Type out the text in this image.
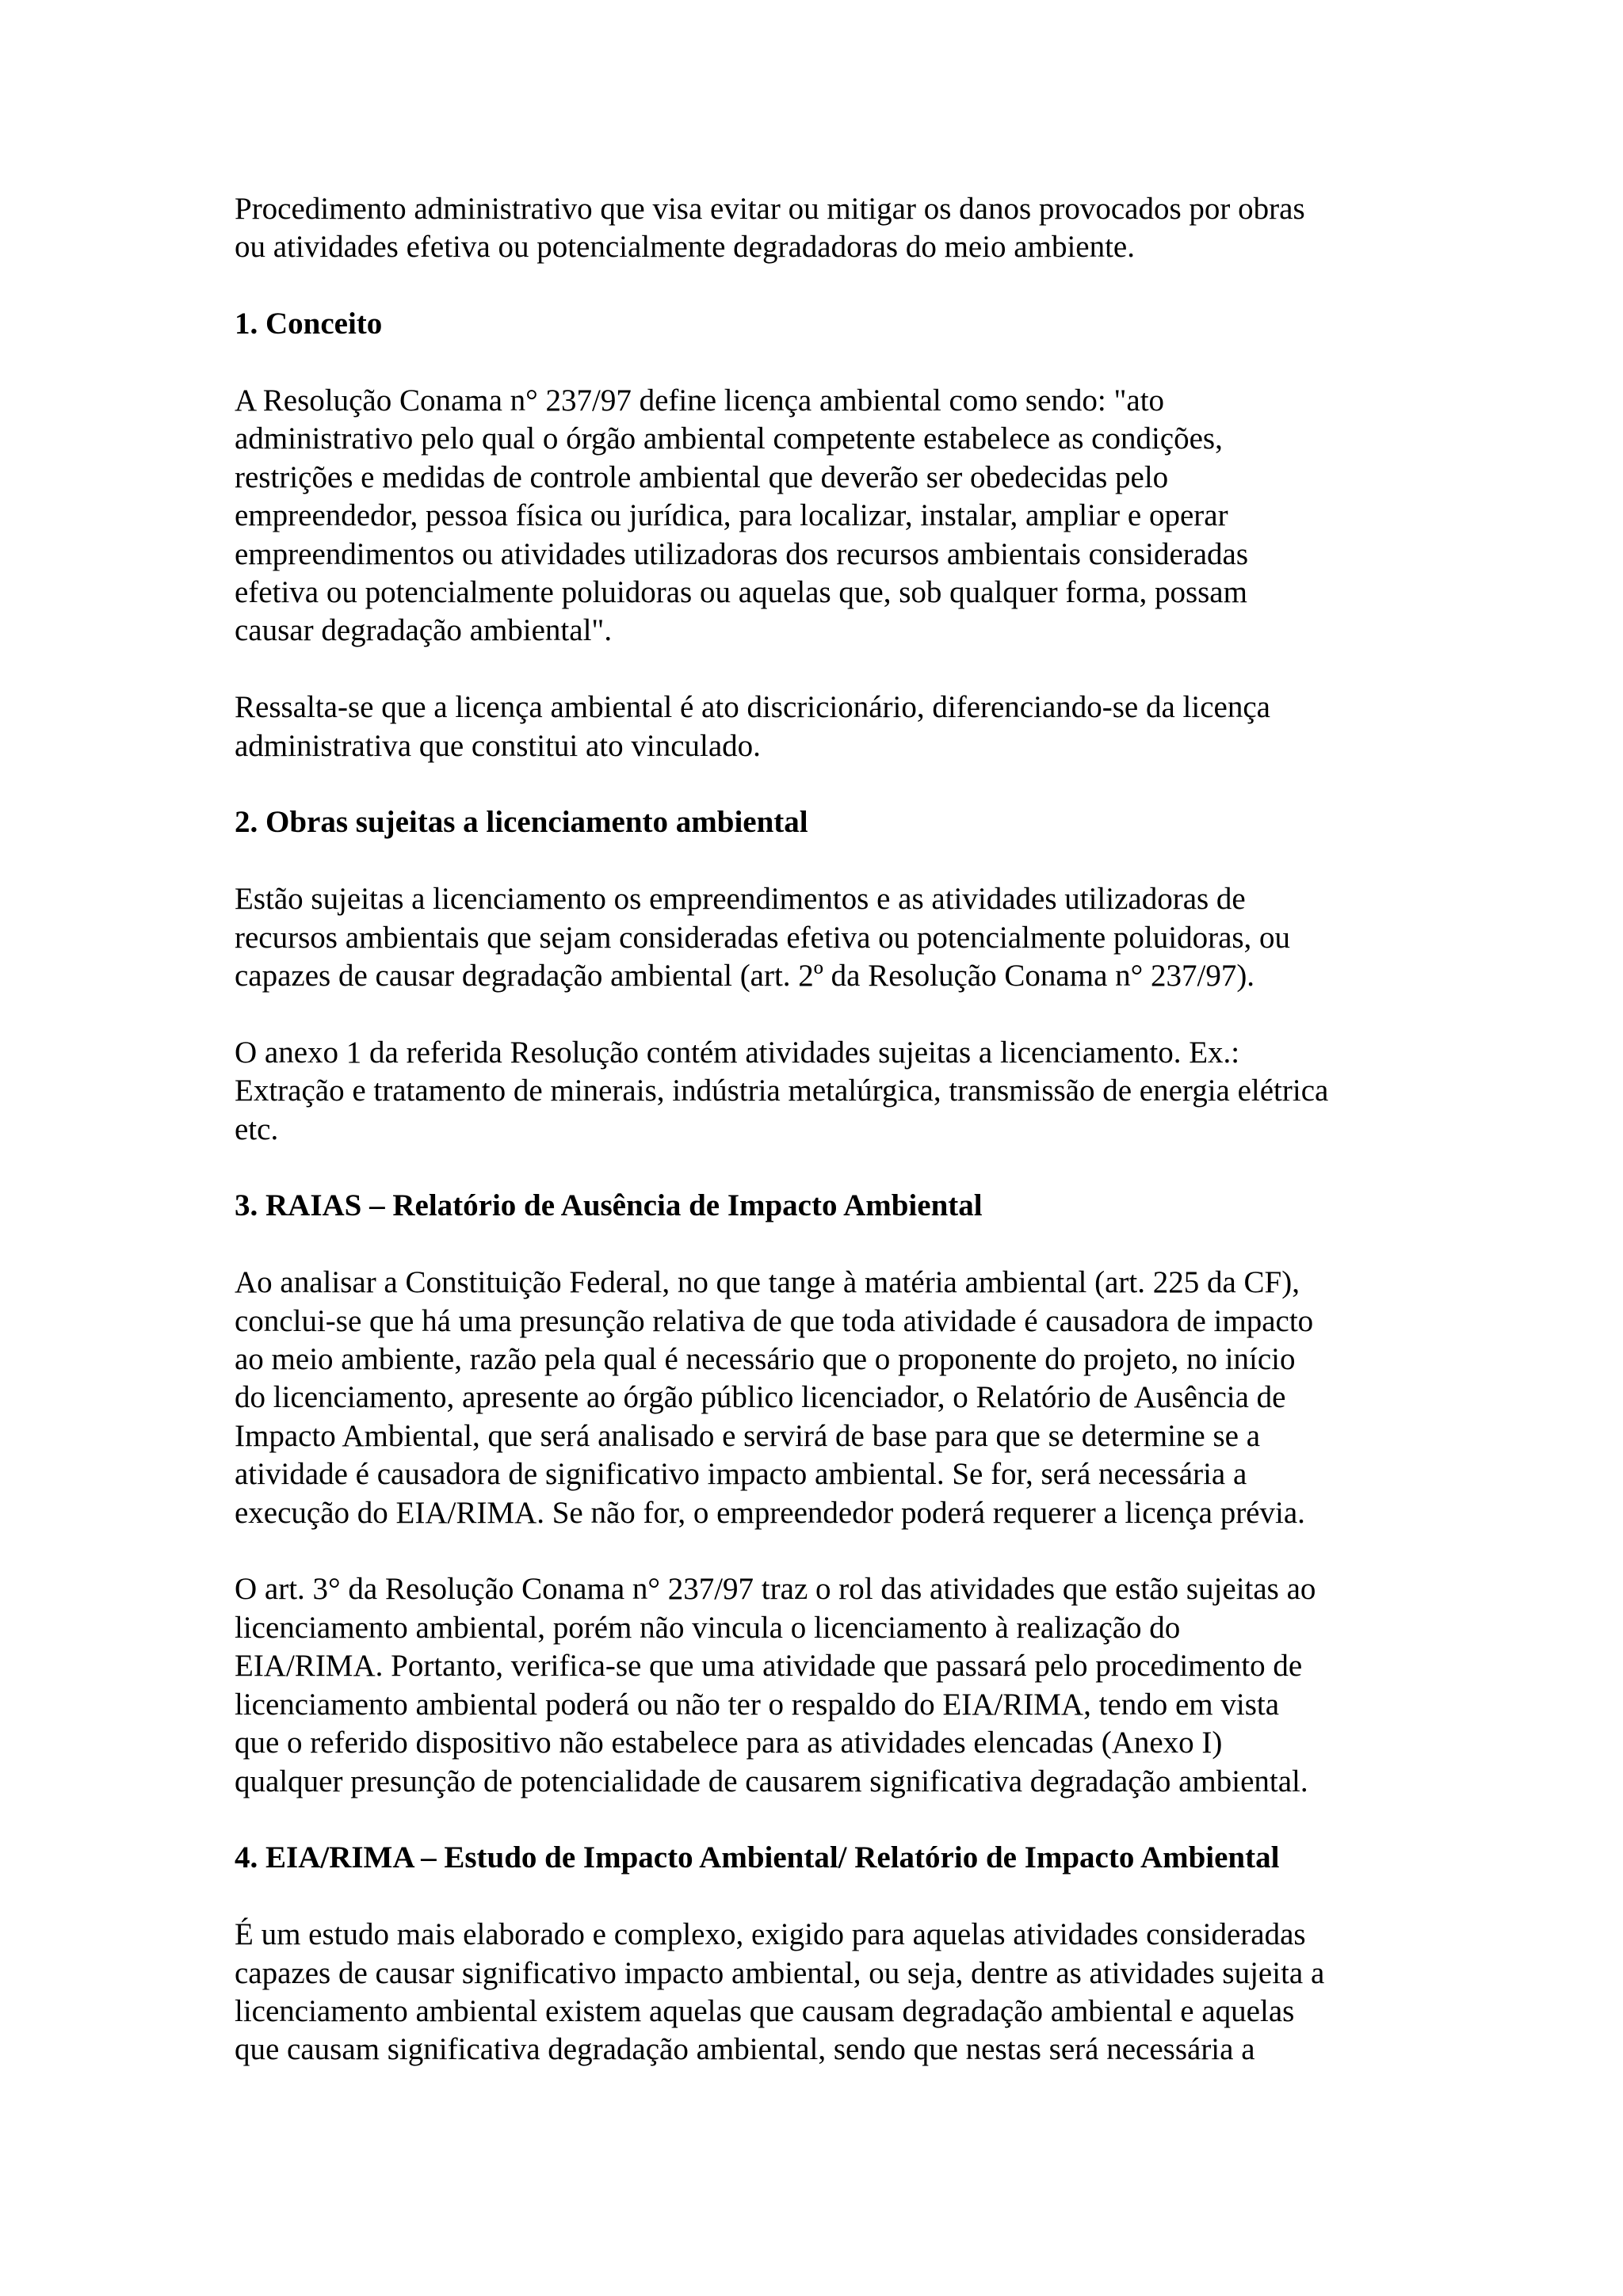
Procedimento administrativo que visa evitar ou mitigar os danos provocados por obras
ou atividades efetiva ou potencialmente degradadoras do meio ambiente.

1. Conceito

A Resolução Conama n° 237/97 define licença ambiental como sendo: "ato
administrativo pelo qual o órgão ambiental competente estabelece as condições,
restrições e medidas de controle ambiental que deverão ser obedecidas pelo
empreendedor, pessoa física ou jurídica, para localizar, instalar, ampliar e operar
empreendimentos ou atividades utilizadoras dos recursos ambientais consideradas
efetiva ou potencialmente poluidoras ou aquelas que, sob qualquer forma, possam
causar degradação ambiental".

Ressalta-se que a licença ambiental é ato discricionário, diferenciando-se da licença
administrativa que constitui ato vinculado.

2. Obras sujeitas a licenciamento ambiental

Estão sujeitas a licenciamento os empreendimentos e as atividades utilizadoras de
recursos ambientais que sejam consideradas efetiva ou potencialmente poluidoras, ou
capazes de causar degradação ambiental (art. 2º da Resolução Conama n° 237/97).

O anexo 1 da referida Resolução contém atividades sujeitas a licenciamento. Ex.:
Extração e tratamento de minerais, indústria metalúrgica, transmissão de energia elétrica
etc.

3. RAIAS – Relatório de Ausência de Impacto Ambiental

Ao analisar a Constituição Federal, no que tange à matéria ambiental (art. 225 da CF),
conclui-se que há uma presunção relativa de que toda atividade é causadora de impacto
ao meio ambiente, razão pela qual é necessário que o proponente do projeto, no início
do licenciamento, apresente ao órgão público licenciador, o Relatório de Ausência de
Impacto Ambiental, que será analisado e servirá de base para que se determine se a
atividade é causadora de significativo impacto ambiental. Se for, será necessária a
execução do EIA/RIMA. Se não for, o empreendedor poderá requerer a licença prévia.

O art. 3° da Resolução Conama n° 237/97 traz o rol das atividades que estão sujeitas ao
licenciamento ambiental, porém não vincula o licenciamento à realização do
EIA/RIMA. Portanto, verifica-se que uma atividade que passará pelo procedimento de
licenciamento ambiental poderá ou não ter o respaldo do EIA/RIMA, tendo em vista
que o referido dispositivo não estabelece para as atividades elencadas (Anexo I)
qualquer presunção de potencialidade de causarem significativa degradação ambiental.

4. EIA/RIMA – Estudo de Impacto Ambiental/ Relatório de Impacto Ambiental

É um estudo mais elaborado e complexo, exigido para aquelas atividades consideradas
capazes de causar significativo impacto ambiental, ou seja, dentre as atividades sujeita a
licenciamento ambiental existem aquelas que causam degradação ambiental e aquelas
que causam significativa degradação ambiental, sendo que nestas será necessária a
